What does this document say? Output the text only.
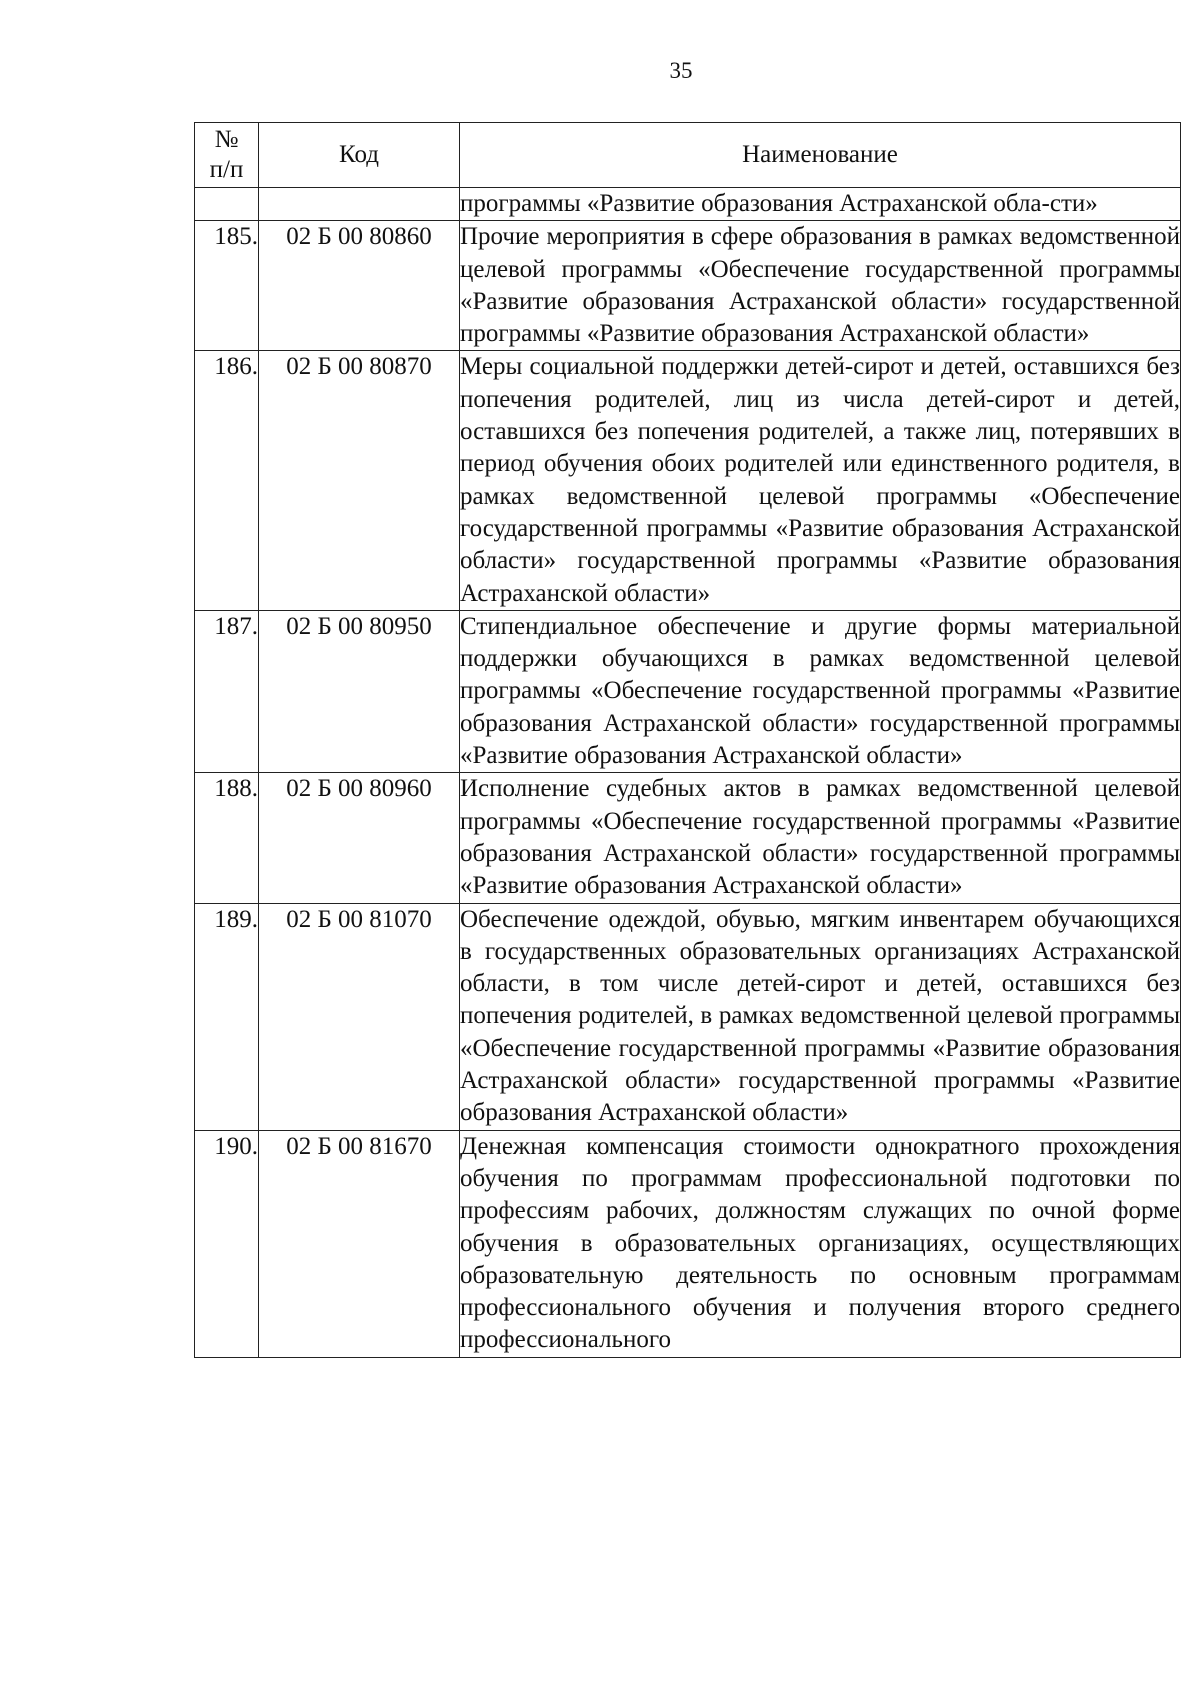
35
№
п/п	Код	Наименование
		программы «Развитие образования Астраханской обла-сти»
185.	02 Б 00 80860	Прочие мероприятия в сфере образования в рамках ведомственной целевой программы «Обеспечение государственной программы «Развитие образования Астраханской области» государственной программы «Развитие образования Астраханской области»
186.	02 Б 00 80870	Меры социальной поддержки детей-сирот и детей, оставшихся без попечения родителей, лиц из числа детей-сирот и детей, оставшихся без попечения родителей, а также лиц, потерявших в период обучения обоих родителей или единственного родителя, в рамках ведомственной целевой программы «Обеспечение государственной программы «Развитие образования Астраханской области» государственной программы «Развитие образования Астраханской области»
187.	02 Б 00 80950	Стипендиальное обеспечение и другие формы материальной поддержки обучающихся в рамках ведомственной целевой программы «Обеспечение государственной программы «Развитие образования Астраханской области» государственной программы «Развитие образования Астраханской области»
188.	02 Б 00 80960	Исполнение судебных актов в рамках ведомственной целевой программы «Обеспечение государственной программы «Развитие образования Астраханской области» государственной программы «Развитие образования Астраханской области»
189.	02 Б 00 81070	Обеспечение одеждой, обувью, мягким инвентарем обучающихся в государственных образовательных организациях Астраханской области, в том числе детей-сирот и детей, оставшихся без попечения родителей, в рамках ведомственной целевой программы «Обеспечение государственной программы «Развитие образования Астраханской области» государственной программы «Развитие образования Астраханской области»
190.	02 Б 00 81670	Денежная компенсация стоимости однократного прохождения обучения по программам профессиональной подготовки по профессиям рабочих, должностям служащих по очной форме обучения в образовательных организациях, осуществляющих образовательную деятельность по основным программам профессионального обучения и получения второго среднего профессионального
